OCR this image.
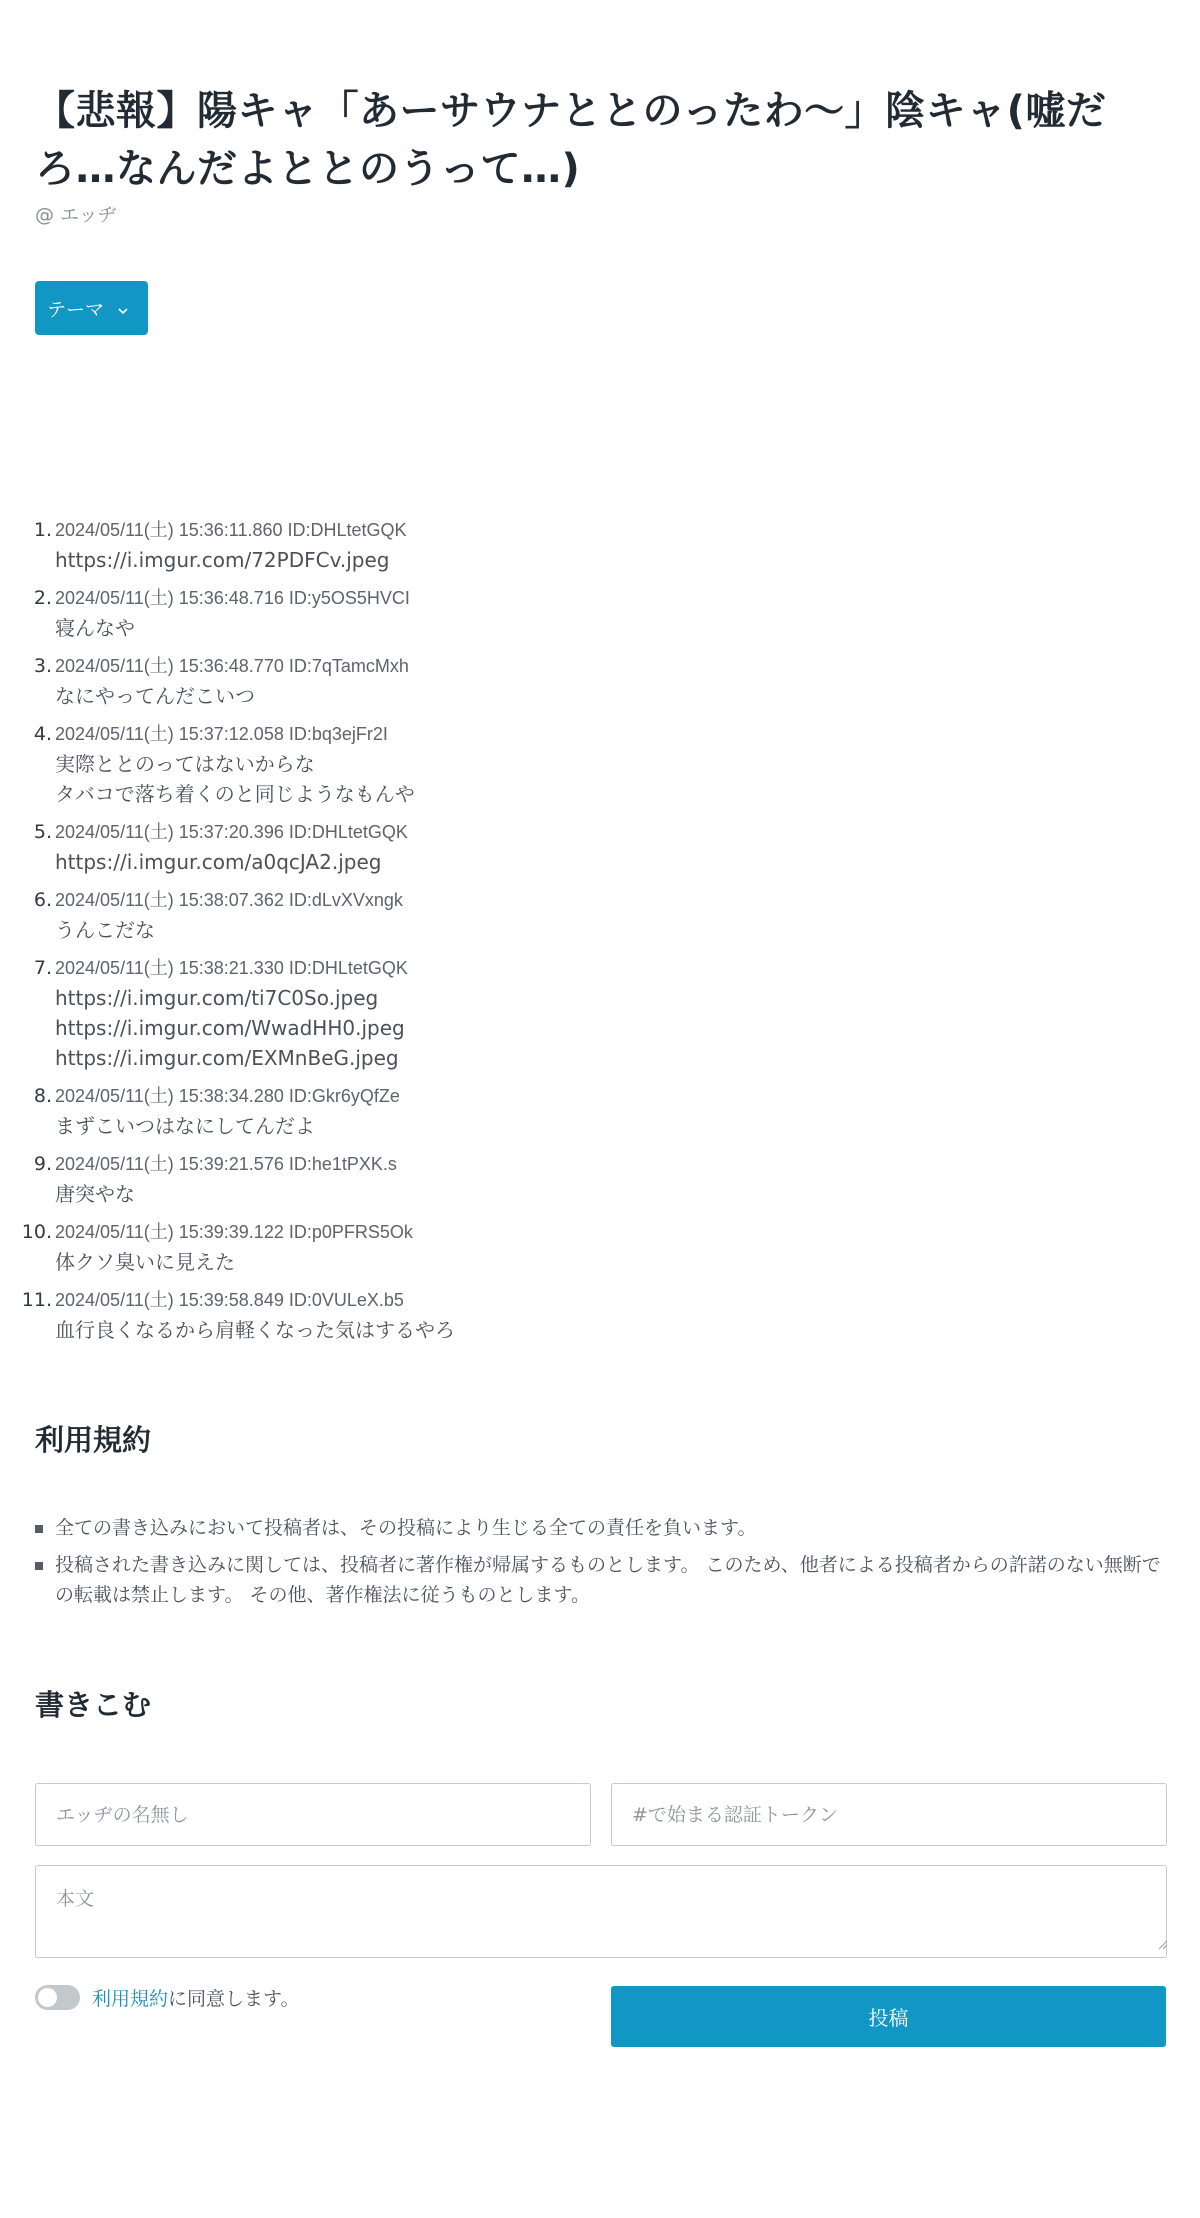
【悲報】陽キャ「あーサウナととのったわ〜」陰キャ(嘘だろ…なんだよととのうって…)
@ エッヂ
テーマ
1. 2024/05/11(土) 15:36:11.860 ID:DHLtetGQK
https://i.imgur.com/72PDFCv.jpeg
2. 2024/05/11(土) 15:36:48.716 ID:y5OS5HVCI
寝んなや
3. 2024/05/11(土) 15:36:48.770 ID:7qTamcMxh
なにやってんだこいつ
4. 2024/05/11(土) 15:37:12.058 ID:bq3ejFr2I
実際ととのってはないからな
タバコで落ち着くのと同じようなもんや
5. 2024/05/11(土) 15:37:20.396 ID:DHLtetGQK
https://i.imgur.com/a0qcJA2.jpeg
6. 2024/05/11(土) 15:38:07.362 ID:dLvXVxngk
うんこだな
7. 2024/05/11(土) 15:38:21.330 ID:DHLtetGQK
https://i.imgur.com/ti7C0So.jpeg
https://i.imgur.com/WwadHH0.jpeg
https://i.imgur.com/EXMnBeG.jpeg
8. 2024/05/11(土) 15:38:34.280 ID:Gkr6yQfZe
まずこいつはなにしてんだよ
9. 2024/05/11(土) 15:39:21.576 ID:he1tPXK.s
唐突やな
10. 2024/05/11(土) 15:39:39.122 ID:p0PFRS5Ok
体クソ臭いに見えた
11. 2024/05/11(土) 15:39:58.849 ID:0VULeX.b5
血行良くなるから肩軽くなった気はするやろ
利用規約
全ての書き込みにおいて投稿者は、その投稿により生じる全ての責任を負います。
投稿された書き込みに関しては、投稿者に著作権が帰属するものとします。 このため、他者による投稿者からの許諾のない無断での転載は禁止します。 その他、著作権法に従うものとします。
書きこむ
エッヂの名無し
#で始まる認証トークン
本文
利用規約 に同意します。
投稿
